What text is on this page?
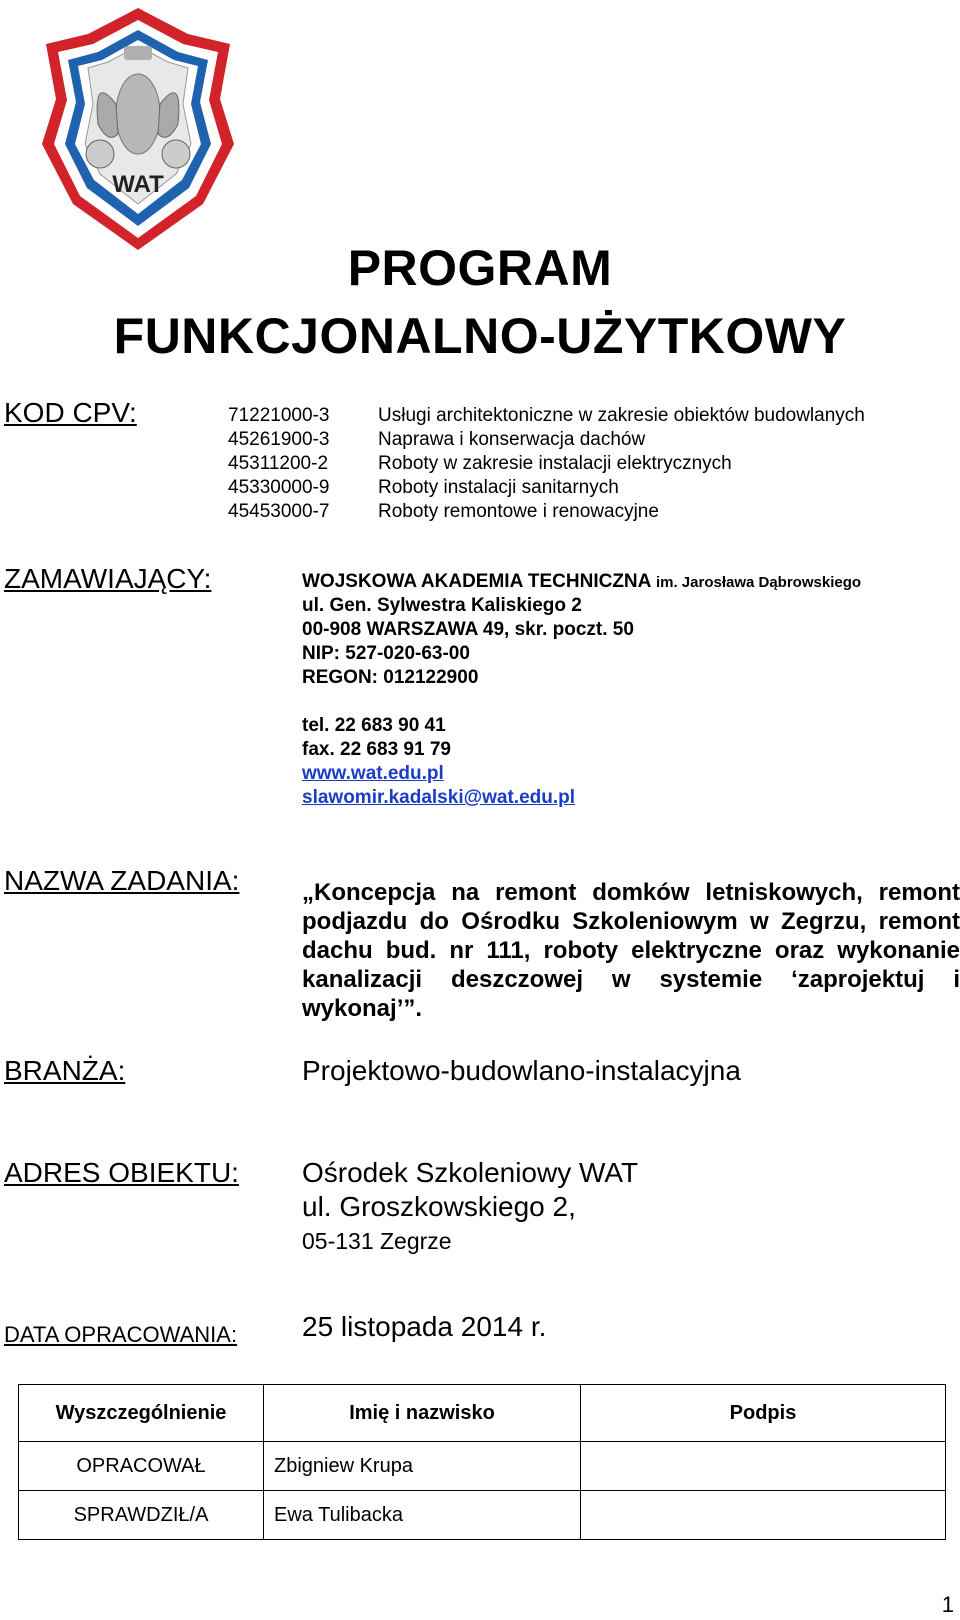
WAT
PROGRAM
FUNKCJONALNO-UŻYTKOWY
KOD CPV:	71221000-3	Usługi architektoniczne w zakresie obiektów budowlanych
45261900-3	Naprawa i konserwacja dachów
45311200-2	Roboty w zakresie instalacji elektrycznych
45330000-9	Roboty instalacji sanitarnych
45453000-7	Roboty remontowe i renowacyjne
ZAMAWIAJĄCY:	WOJSKOWA AKADEMIA TECHNICZNA im. Jarosława Dąbrowskiego
ul. Gen. Sylwestra Kaliskiego 2
00-908 WARSZAWA 49, skr. poczt. 50
NIP: 527-020-63-00
REGON: 012122900
tel. 22 683 90 41
fax. 22 683 91 79
www.wat.edu.pl
slawomir.kadalski@wat.edu.pl
NAZWA ZADANIA:	„Koncepcja na remont domków letniskowych, remont podjazdu do Ośrodku Szkoleniowym w Zegrzu, remont dachu bud. nr 111, roboty elektryczne oraz wykonanie kanalizacji deszczowej w systemie ‘zaprojektuj i wykonaj’”.
BRANŻA:	Projektowo-budowlano-instalacyjna
ADRES OBIEKTU: Ośrodek Szkoleniowy WAT
ul. Groszkowskiego 2,
05-131 Zegrze
DATA OPRACOWANIA: 25 listopada 2014 r.
Wyszczególnienie	Imię i nazwisko	Podpis
OPRACOWAŁ	Zbigniew Krupa	
SPRAWDZIŁ/A	Ewa Tulibacka	
1
